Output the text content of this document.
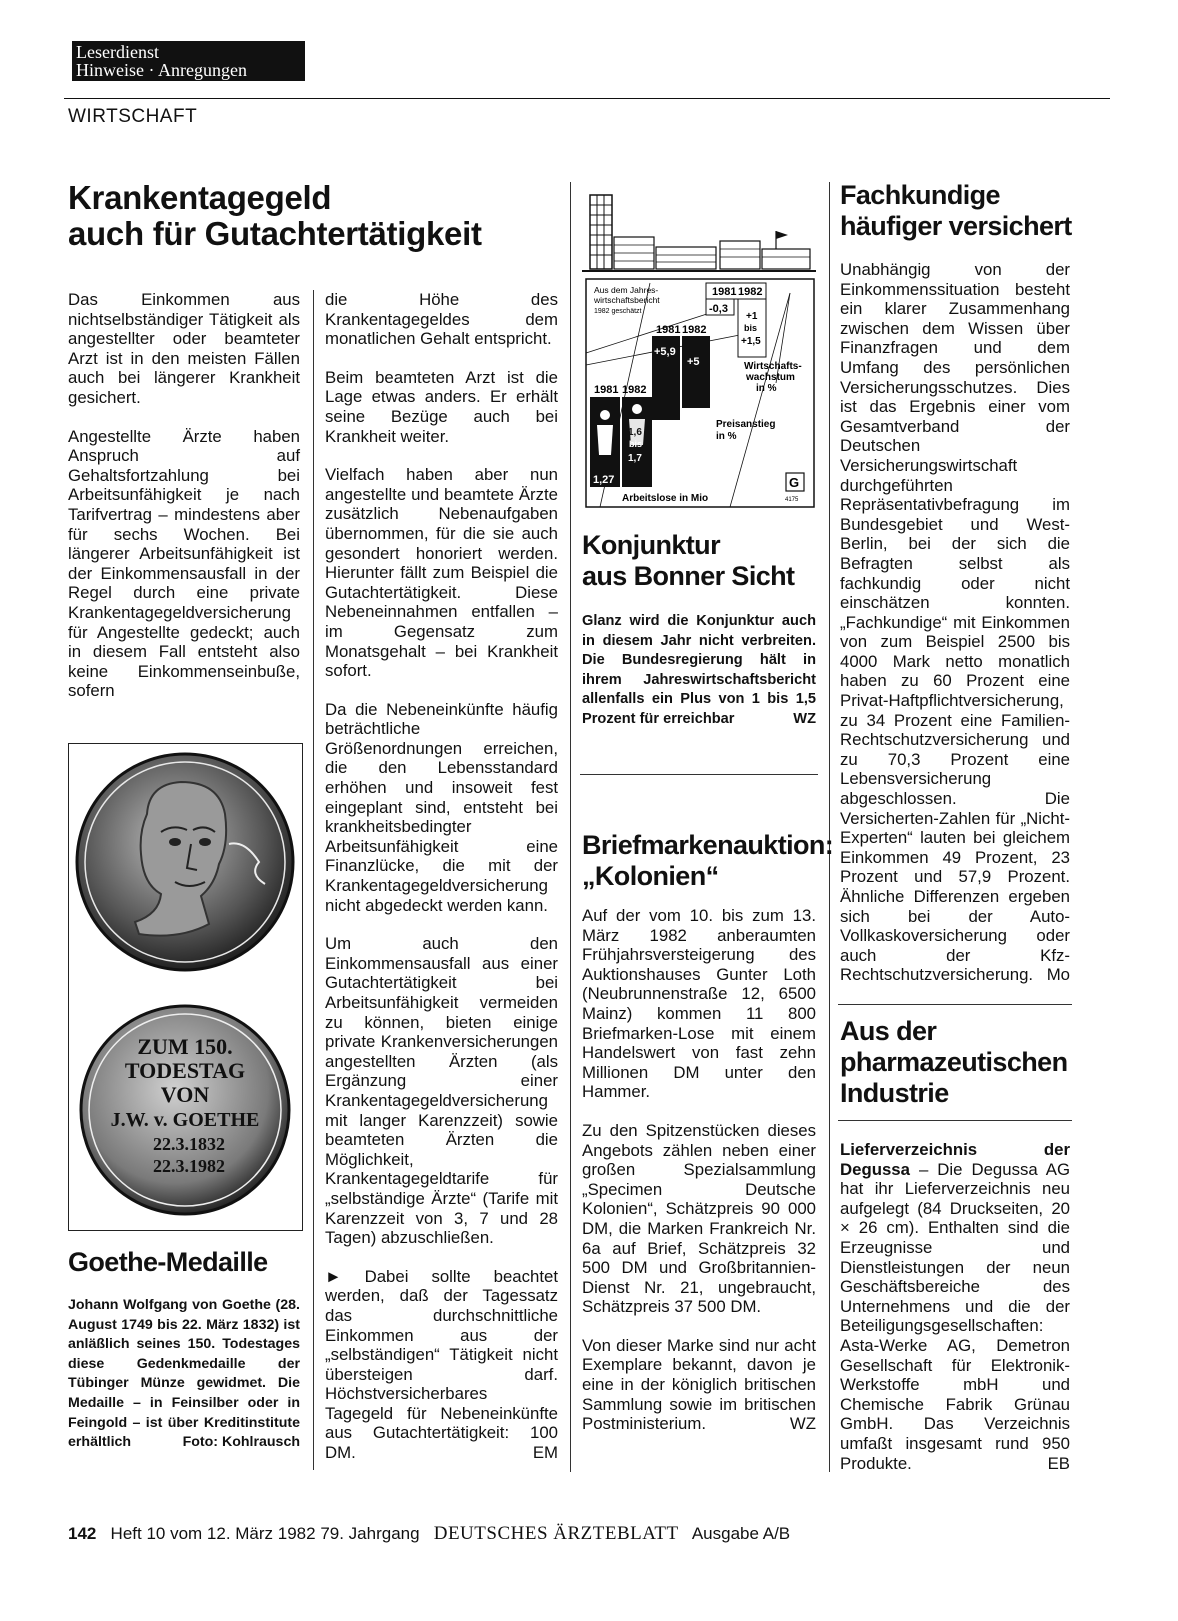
Leserdienst
Hinweise · Anregungen
WIRTSCHAFT
Krankentagegeld
auch für Gutachtertätigkeit

Das Einkommen aus nichtselbständiger Tätigkeit als angestellter oder beamteter Arzt ist in den meisten Fällen auch bei längerer Krankheit gesichert.

Angestellte Ärzte haben Anspruch auf Gehaltsfortzahlung bei Arbeitsunfähigkeit je nach Tarifvertrag – mindestens aber für sechs Wochen. Bei längerer Arbeitsunfähigkeit ist der Einkommensausfall in der Regel durch eine private Krankentagegeldversicherung für Angestellte gedeckt; auch in diesem Fall entsteht also keine Einkommenseinbuße, sofern

ZUM 150.
TODESTAG
VON
J.W. v. GOETHE
22.3.1832
22.3.1982
Goethe-Medaille
Johann Wolfgang von Goethe (28. August 1749 bis 22. März 1832) ist anläßlich seines 150. Todestages diese Gedenkmedaille der Tübinger Münze gewidmet. Die Medaille – in Feinsilber oder in Feingold – ist über Kreditinstitute erhältlich	Foto: Kohlrausch

die Höhe des Krankentagegeldes dem monatlichen Gehalt entspricht.

Beim beamteten Arzt ist die Lage etwas anders. Er erhält seine Bezüge auch bei Krankheit weiter.

Vielfach haben aber nun angestellte und beamtete Ärzte zusätzlich Nebenaufgaben übernommen, für die sie auch gesondert honoriert werden. Hierunter fällt zum Beispiel die Gutachtertätigkeit. Diese Nebeneinnahmen entfallen – im Gegensatz zum Monatsgehalt – bei Krankheit sofort.

Da die Nebeneinkünfte häufig beträchtliche Größenordnungen erreichen, die den Lebensstandard erhöhen und insoweit fest eingeplant sind, entsteht bei krankheitsbedingter Arbeitsunfähigkeit eine Finanzlücke, die mit der Krankentagegeldversicherung nicht abgedeckt werden kann.

Um auch den Einkommensausfall aus einer Gutachtertätigkeit bei Arbeitsunfähigkeit vermeiden zu können, bieten einige private Krankenversicherungen angestellten Ärzten (als Ergänzung einer Krankentagegeldversicherung mit langer Karenzzeit) sowie beamteten Ärzten die Möglichkeit, Krankentagegeldtarife für „selbständige Ärzte“ (Tarife mit Karenzzeit von 3, 7 und 28 Tagen) abzuschließen.

► Dabei sollte beachtet werden, daß der Tagessatz das durchschnittliche Einkommen aus der „selbständigen“ Tätigkeit nicht übersteigen darf. Höchstversicherbares Tagegeld für Nebeneinkünfte aus Gutachtertätigkeit: 100 DM.	EM

Aus dem Jahres-
wirtschaftsbericht
1982 geschätzt
1981 1982
-0,3
+1
bis
+1,5
Wirtschafts-
wachstum
in %
1981 1982
+5,9
+5
Preisanstieg
in %
1981 1982
1,27
1,6
bis
1,7
Arbeitslose in Mio
G
4175
Konjunktur
aus Bonner Sicht
Glanz wird die Konjunktur auch in diesem Jahr nicht verbreiten. Die Bundesregierung hält in ihrem Jahreswirtschaftsbericht allenfalls ein Plus von 1 bis 1,5 Prozent für erreichbar	WZ
Briefmarkenauktion:
„Kolonien“

Auf der vom 10. bis zum 13. März 1982 anberaumten Frühjahrsversteigerung des Auktionshauses Gunter Loth (Neubrunnenstraße 12, 6500 Mainz) kommen 11 800 Briefmarken-Lose mit einem Handelswert von fast zehn Millionen DM unter den Hammer.

Zu den Spitzenstücken dieses Angebots zählen neben einer großen Spezialsammlung „Specimen Deutsche Kolonien“, Schätzpreis 90 000 DM, die Marken Frankreich Nr. 6a auf Brief, Schätzpreis 32 500 DM und Großbritannien-Dienst Nr. 21, ungebraucht, Schätzpreis 37 500 DM.

Von dieser Marke sind nur acht Exemplare bekannt, davon je eine in der königlich britischen Sammlung sowie im britischen Postministerium.	WZ

Fachkundige
häufiger versichert
Unabhängig von der Einkommenssituation besteht ein klarer Zusammenhang zwischen dem Wissen über Finanzfragen und dem Umfang des persönlichen Versicherungsschutzes. Dies ist das Ergebnis einer vom Gesamtverband der Deutschen Versicherungswirtschaft durchgeführten Repräsentativbefragung im Bundesgebiet und West-Berlin, bei der sich die Befragten selbst als fachkundig oder nicht einschätzen konnten. „Fachkundige“ mit Einkommen von zum Beispiel 2500 bis 4000 Mark netto monatlich haben zu 60 Prozent eine Privat-Haftpflichtversicherung, zu 34 Prozent eine Familien-Rechtschutzversicherung und zu 70,3 Prozent eine Lebensversicherung abgeschlossen. Die Versicherten-Zahlen für „Nicht-Experten“ lauten bei gleichem Einkommen 49 Prozent, 23 Prozent und 57,9 Prozent. Ähnliche Differenzen ergeben sich bei der Auto-Vollkaskoversicherung oder auch der Kfz-Rechtschutzversicherung. Mo
Aus der
pharmazeutischen
Industrie
Lieferverzeichnis der Degussa – Die Degussa AG hat ihr Lieferverzeichnis neu aufgelegt (84 Druckseiten, 20 × 26 cm). Enthalten sind die Erzeugnisse und Dienstleistungen der neun Geschäftsbereiche des Unternehmens und die der Beteiligungsgesellschaften: Asta-Werke AG, Demetron Gesellschaft für Elektronik-Werkstoffe mbH und Chemische Fabrik Grünau GmbH. Das Verzeichnis umfaßt insgesamt rund 950 Produkte.	EB
142 Heft 10 vom 12. März 1982 79. Jahrgang DEUTSCHES ÄRZTEBLATT Ausgabe A/B
